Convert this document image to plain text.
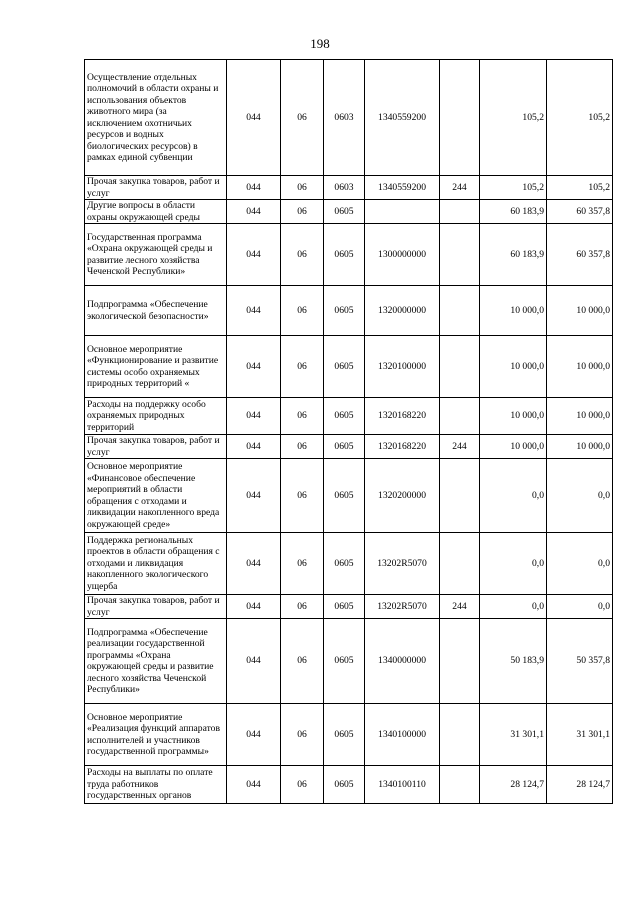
198
Осуществление отдельных полномочий в области охраны и использования объектов животного мира (за исключением охотничьих ресурсов и водных биологических ресурсов) в рамках единой субвенции	044	06	0603	1340559200		105,2	105,2
Прочая закупка товаров, работ и услуг	044	06	0603	1340559200	244	105,2	105,2
Другие вопросы в области охраны окружающей среды	044	06	0605			60 183,9	60 357,8
Государственная программа «Охрана окружающей среды и развитие лесного хозяйства Чеченской Республики»	044	06	0605	1300000000		60 183,9	60 357,8
Подпрограмма «Обеспечение экологической безопасности»	044	06	0605	1320000000		10 000,0	10 000,0
Основное мероприятие «Функционирование и развитие системы особо охраняемых природных территорий «	044	06	0605	1320100000		10 000,0	10 000,0
Расходы на поддержку особо охраняемых природных территорий	044	06	0605	1320168220		10 000,0	10 000,0
Прочая закупка товаров, работ и услуг	044	06	0605	1320168220	244	10 000,0	10 000,0
Основное мероприятие «Финансовое обеспечение мероприятий в области обращения с отходами и ликвидации накопленного вреда окружающей среде»	044	06	0605	1320200000		0,0	0,0
Поддержка региональных проектов в области обращения с отходами и ликвидация накопленного экологического ущерба	044	06	0605	13202R5070		0,0	0,0
Прочая закупка товаров, работ и услуг	044	06	0605	13202R5070	244	0,0	0,0
Подпрограмма «Обеспечение реализации государственной программы «Охрана окружающей среды и развитие лесного хозяйства Чеченской Республики»	044	06	0605	1340000000		50 183,9	50 357,8
Основное мероприятие «Реализация функций аппаратов исполнителей и участников государственной программы»	044	06	0605	1340100000		31 301,1	31 301,1
Расходы на выплаты по оплате труда работников государственных органов	044	06	0605	1340100110		28 124,7	28 124,7
